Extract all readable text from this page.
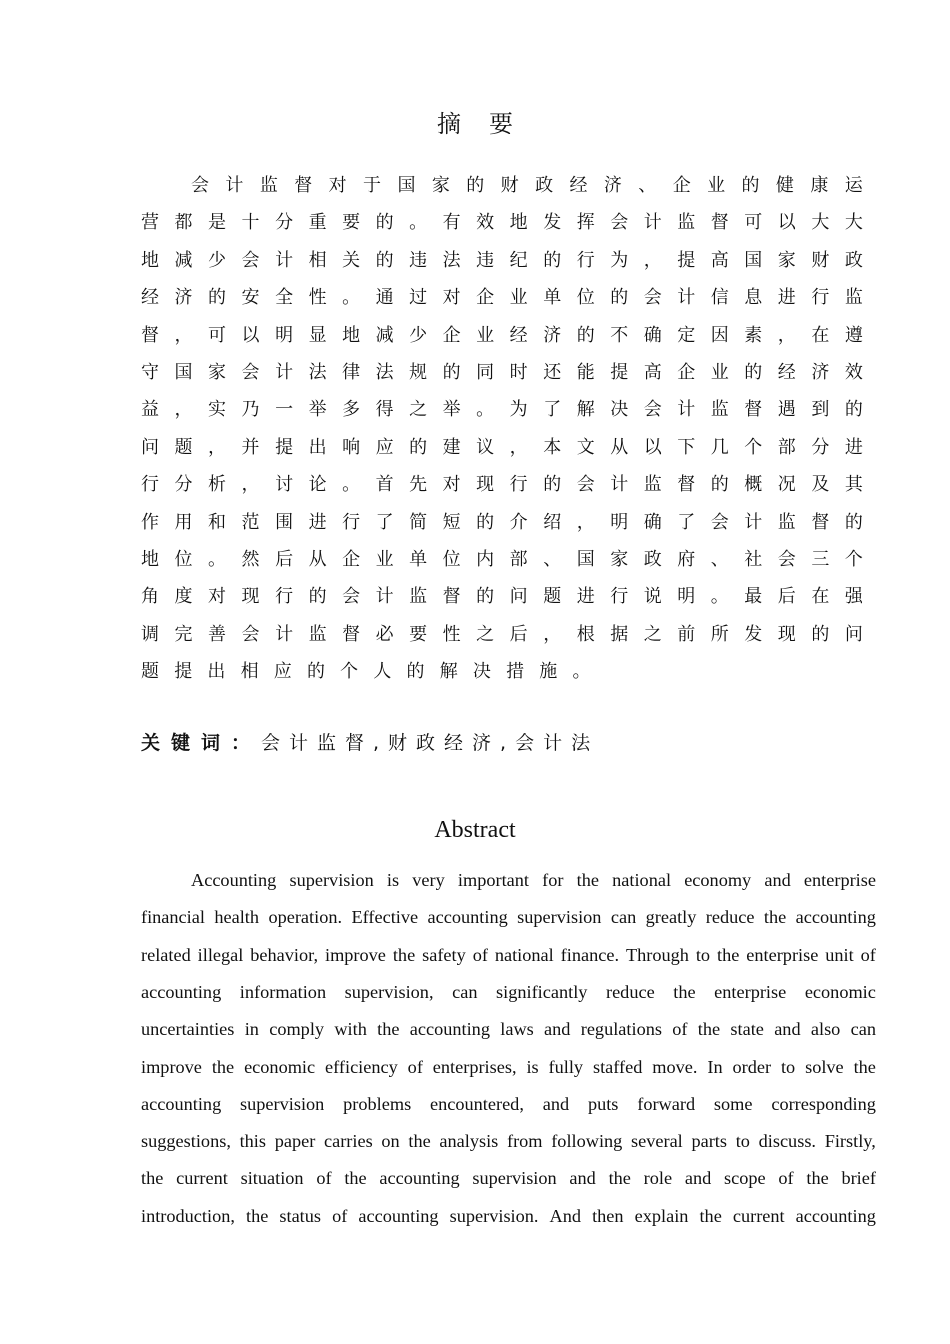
摘 要
会 计 监 督 对 于 国 家 的 财 政 经 济 、 企 业 的 健 康 运
营 都 是 十 分 重 要 的 。 有 效 地 发 挥 会 计 监 督 可 以 大 大
地 减 少 会 计 相 关 的 违 法 违 纪 的 行 为 ， 提 高 国 家 财 政
经 济 的 安 全 性 。 通 过 对 企 业 单 位 的 会 计 信 息 进 行 监
督 ， 可 以 明 显 地 减 少 企 业 经 济 的 不 确 定 因 素 ， 在 遵
守 国 家 会 计 法 律 法 规 的 同 时 还 能 提 高 企 业 的 经 济 效
益 ， 实 乃 一 举 多 得 之 举 。 为 了 解 决 会 计 监 督 遇 到 的
问 题 ， 并 提 出 响 应 的 建 议 ， 本 文 从 以 下 几 个 部 分 进
行 分 析 ， 讨 论 。 首 先 对 现 行 的 会 计 监 督 的 概 况 及 其
作 用 和 范 围 进 行 了 简 短 的 介 绍 ， 明 确 了 会 计 监 督 的
地 位 。 然 后 从 企 业 单 位 内 部 、 国 家 政 府 、 社 会 三 个
角 度 对 现 行 的 会 计 监 督 的 问 题 进 行 说 明 。 最 后 在 强
调 完 善 会 计 监 督 必 要 性 之 后 ， 根 据 之 前 所 发 现 的 问
题 提 出 相 应 的 个 人 的 解 决 措 施 。
关键词： 会计监督,财政经济,会计法
Abstract
Accounting supervision is very important for the national economy and enterprise
financial health operation. Effective accounting supervision can greatly reduce the accounting
related illegal behavior, improve the safety of national finance. Through to the enterprise unit of
accounting information supervision, can significantly reduce the enterprise economic
uncertainties in comply with the accounting laws and regulations of the state and also can
improve the economic efficiency of enterprises, is fully staffed move. In order to solve the
accounting supervision problems encountered, and puts forward some corresponding
suggestions, this paper carries on the analysis from following several parts to discuss. Firstly,
the current situation of the accounting supervision and the role and scope of the brief
introduction, the status of accounting supervision. And then explain the current accounting
